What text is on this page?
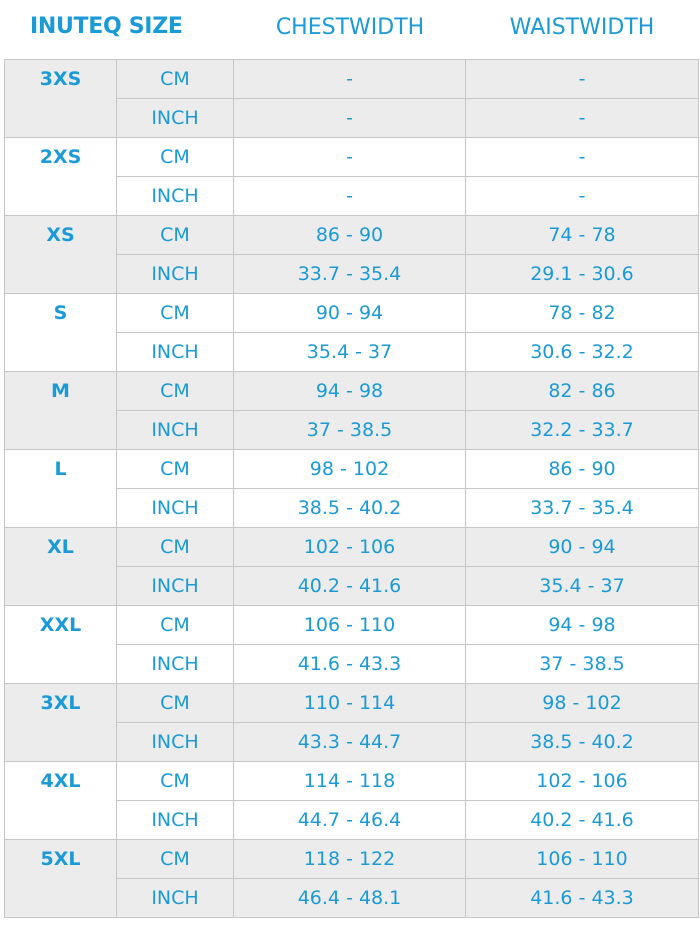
INUTEQ SIZE	CHESTWIDTH	WAISTWIDTH
3XS	CM	-	-
	INCH	-	-
2XS	CM	-	-
	INCH	-	-
XS	CM	86 - 90	74 - 78
	INCH	33.7 - 35.4	29.1 - 30.6
S	CM	90 - 94	78 - 82
	INCH	35.4 - 37	30.6 - 32.2
M	CM	94 - 98	82 - 86
	INCH	37 - 38.5	32.2 - 33.7
L	CM	98 - 102	86 - 90
	INCH	38.5 - 40.2	33.7 - 35.4
XL	CM	102 - 106	90 - 94
	INCH	40.2 - 41.6	35.4 - 37
XXL	CM	106 - 110	94 - 98
	INCH	41.6 - 43.3	37 - 38.5
3XL	CM	110 - 114	98 - 102
	INCH	43.3 - 44.7	38.5 - 40.2
4XL	CM	114 - 118	102 - 106
	INCH	44.7 - 46.4	40.2 - 41.6
5XL	CM	118 - 122	106 - 110
	INCH	46.4 - 48.1	41.6 - 43.3
